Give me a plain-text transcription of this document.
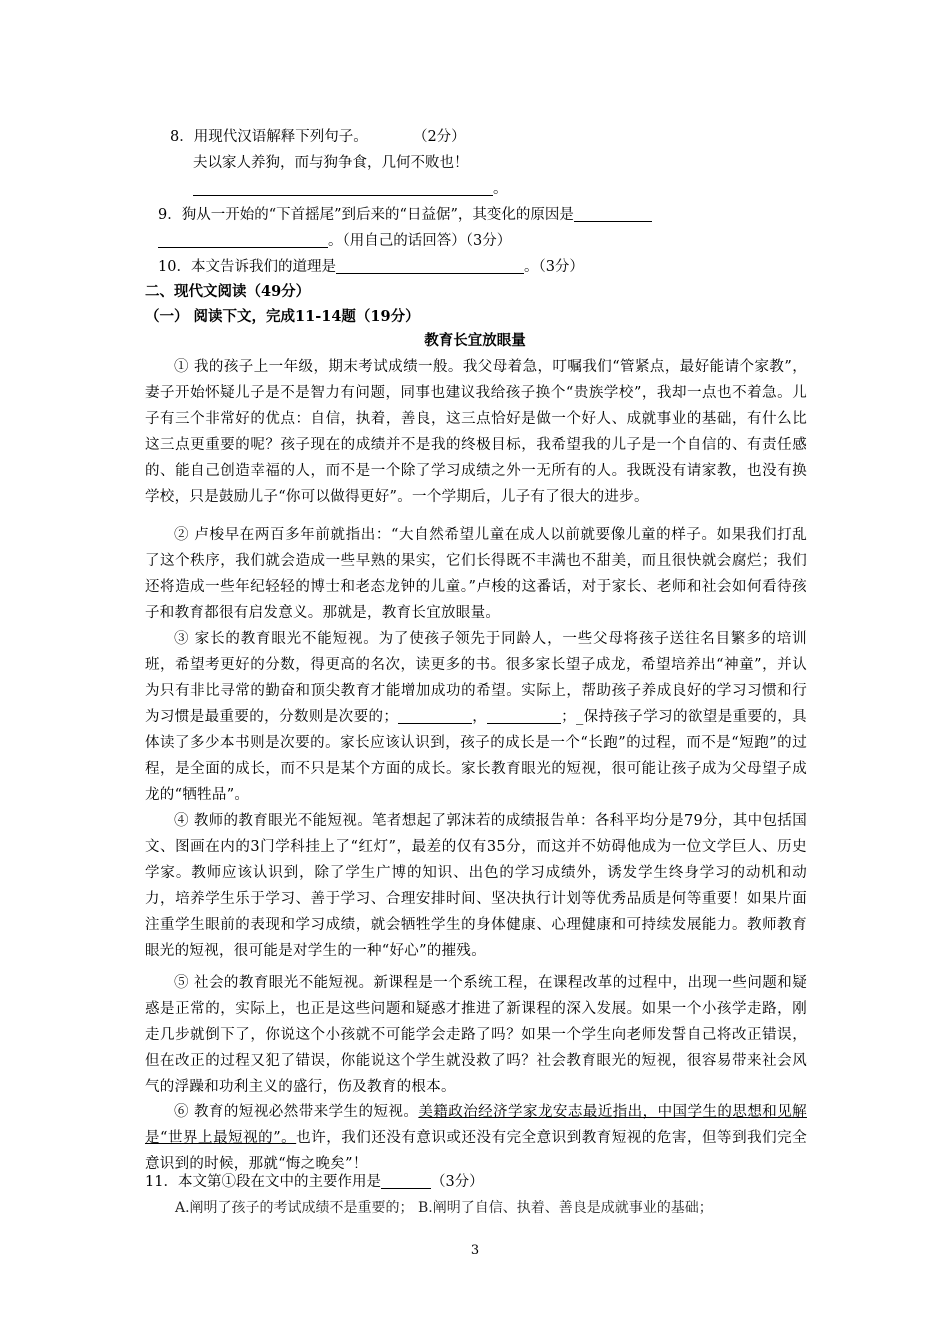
8．用现代汉语解释下列句子。	（2分）
夫以家人养狗，而与狗争食，几何不败也！
。
9．狗从一开始的“下首摇尾”到后来的“日益倨”，其变化的原因是
。（用自己的话回答）（3分）
10．本文告诉我们的道理是	。（3分）
二、现代文阅读（49分）
（一） 阅读下文，完成11-14题（19分）
教育长宜放眼量
① 我的孩子上一年级，期末考试成绩一般。我父母着急，叮嘱我们“管紧点，最好能请个家教”，妻子开始怀疑儿子是不是智力有问题，同事也建议我给孩子换个“贵族学校”，我却一点也不着急。儿子有三个非常好的优点：自信，执着，善良，这三点恰好是做一个好人、成就事业的基础，有什么比这三点更重要的呢？孩子现在的成绩并不是我的终极目标，我希望我的儿子是一个自信的、有责任感的、能自己创造幸福的人，而不是一个除了学习成绩之外一无所有的人。我既没有请家教，也没有换学校，只是鼓励儿子“你可以做得更好”。一个学期后，儿子有了很大的进步。
② 卢梭早在两百多年前就指出：“大自然希望儿童在成人以前就要像儿童的样子。如果我们打乱了这个秩序，我们就会造成一些早熟的果实，它们长得既不丰满也不甜美，而且很快就会腐烂；我们还将造成一些年纪轻轻的博士和老态龙钟的儿童。”卢梭的这番话，对于家长、老师和社会如何看待孩子和教育都很有启发意义。那就是，教育长宜放眼量。
③ 家长的教育眼光不能短视。为了使孩子领先于同龄人，一些父母将孩子送往名目繁多的培训班，希望考更好的分数，得更高的名次，读更多的书。很多家长望子成龙，希望培养出“神童”，并认为只有非比寻常的勤奋和顶尖教育才能增加成功的希望。实际上，帮助孩子养成良好的学习习惯和行为习惯是最重要的，分数则是次要的；	，	；_保持孩子学习的欲望是重要的，具体读了多少本书则是次要的。家长应该认识到，孩子的成长是一个“长跑”的过程，而不是“短跑”的过程，是全面的成长，而不只是某个方面的成长。家长教育眼光的短视，很可能让孩子成为父母望子成龙的“牺牲品”。
④ 教师的教育眼光不能短视。笔者想起了郭沫若的成绩报告单：各科平均分是79分，其中包括国文、图画在内的3门学科挂上了“红灯”，最差的仅有35分，而这并不妨碍他成为一位文学巨人、历史学家。教师应该认识到，除了学生广博的知识、出色的学习成绩外，诱发学生终身学习的动机和动力，培养学生乐于学习、善于学习、合理安排时间、坚决执行计划等优秀品质是何等重要！如果片面注重学生眼前的表现和学习成绩，就会牺牲学生的身体健康、心理健康和可持续发展能力。教师教育眼光的短视，很可能是对学生的一种“好心”的摧残。
⑤ 社会的教育眼光不能短视。新课程是一个系统工程，在课程改革的过程中，出现一些问题和疑惑是正常的，实际上，也正是这些问题和疑惑才推进了新课程的深入发展。如果一个小孩学走路，刚走几步就倒下了，你说这个小孩就不可能学会走路了吗？如果一个学生向老师发誓自己将改正错误，但在改正的过程又犯了错误，你能说这个学生就没救了吗？社会教育眼光的短视，很容易带来社会风气的浮躁和功利主义的盛行，伤及教育的根本。
⑥ 教育的短视必然带来学生的短视。美籍政治经济学家龙安志最近指出，中国学生的思想和见解是“世界上最短视的”。也许，我们还没有意识或还没有完全意识到教育短视的危害，但等到我们完全意识到的时候，那就“悔之晚矣”！
11．本文第①段在文中的主要作用是	（3分）
A.阐明了孩子的考试成绩不是重要的； B.阐明了自信、执着、善良是成就事业的基础；
3
